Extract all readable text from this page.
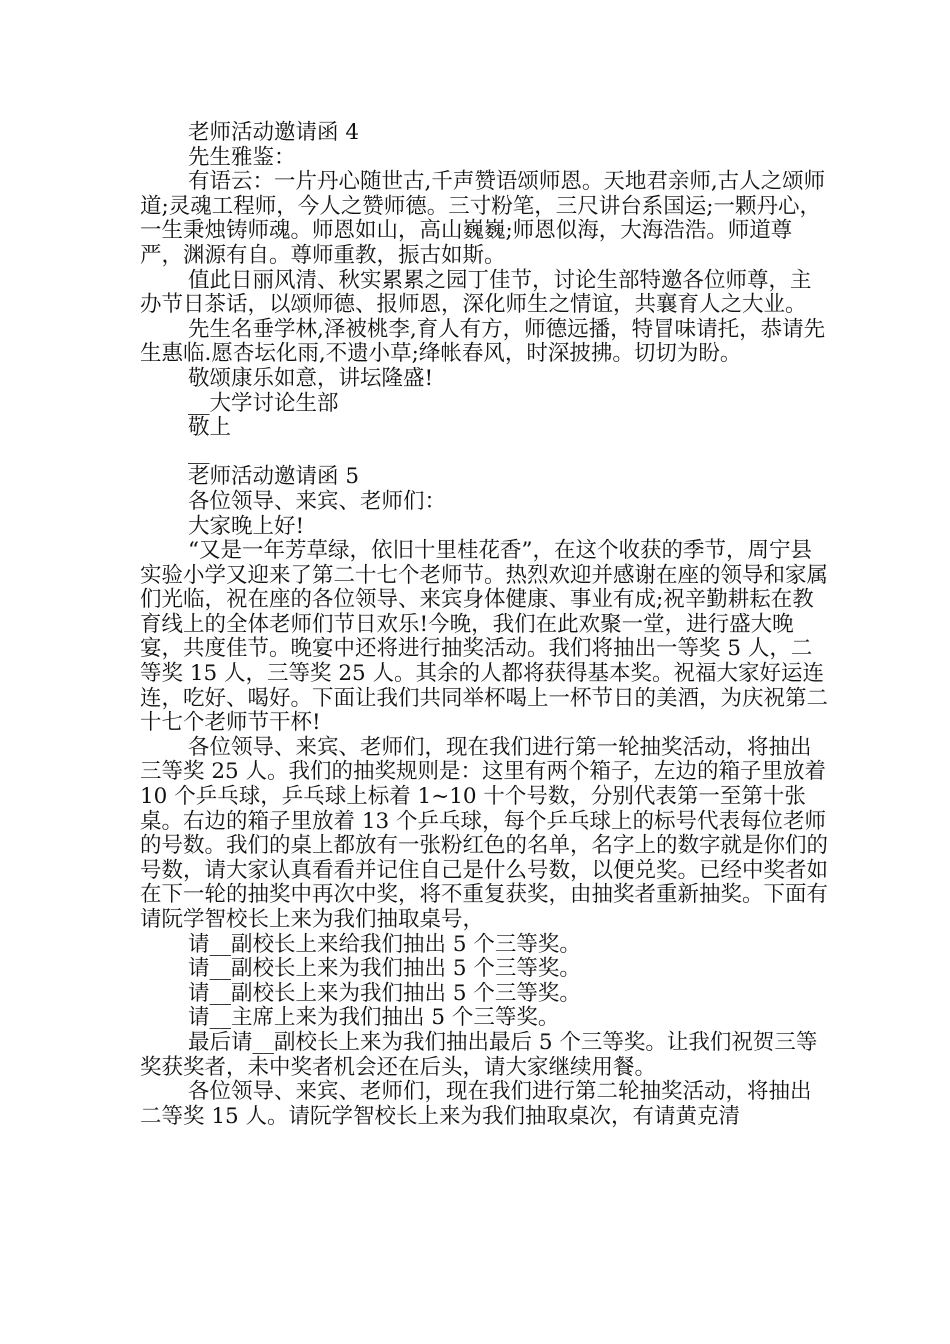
老师活动邀请函 4

先生雅鉴：

有语云：一片丹心随世古,千声赞语颂师恩。天地君亲师,古人之颂师道;灵魂工程师，今人之赞师德。三寸粉笔，三尺讲台系国运;一颗丹心，一生秉烛铸师魂。师恩如山，高山巍巍;师恩似海，大海浩浩。师道尊严，渊源有自。尊师重教，振古如斯。

值此日丽风清、秋实累累之园丁佳节，讨论生部特邀各位师尊，主办节日茶话，以颂师德、报师恩，深化师生之情谊，共襄育人之大业。

先生名垂学林,泽被桃李,育人有方，师德远播，特冒味请托，恭请先生惠临.愿杏坛化雨,不遗小草;绛帐春风，时深披拂。切切为盼。

敬颂康乐如意，讲坛隆盛!

__大学讨论生部

敬上

__

老师活动邀请函 5

各位领导、来宾、老师们：

大家晚上好!

“又是一年芳草绿，依旧十里桂花香”，在这个收获的季节，周宁县实验小学又迎来了第二十七个老师节。热烈欢迎并感谢在座的领导和家属们光临，祝在座的各位领导、来宾身体健康、事业有成;祝辛勤耕耘在教育线上的全体老师们节日欢乐!今晚，我们在此欢聚一堂，进行盛大晚宴，共度佳节。晚宴中还将进行抽奖活动。我们将抽出一等奖 5 人，二等奖 15 人，三等奖 25 人。其余的人都将获得基本奖。祝福大家好运连连，吃好、喝好。下面让我们共同举杯喝上一杯节日的美酒，为庆祝第二十七个老师节干杯!

各位领导、来宾、老师们，现在我们进行第一轮抽奖活动，将抽出三等奖 25 人。我们的抽奖规则是：这里有两个箱子，左边的箱子里放着 10 个乒乓球，乒乓球上标着 1~10 十个号数，分别代表第一至第十张桌。右边的箱子里放着 13 个乒乓球，每个乒乓球上的标号代表每位老师的号数。我们的桌上都放有一张粉红色的名单，名字上的数字就是你们的号数，请大家认真看看并记住自己是什么号数，以便兑奖。已经中奖者如在下一轮的抽奖中再次中奖，将不重复获奖，由抽奖者重新抽奖。下面有请阮学智校长上来为我们抽取桌号，

请__副校长上来给我们抽出 5 个三等奖。

请__副校长上来为我们抽出 5 个三等奖。

请__副校长上来为我们抽出 5 个三等奖。

请__主席上来为我们抽出 5 个三等奖。

最后请__副校长上来为我们抽出最后 5 个三等奖。让我们祝贺三等奖获奖者，未中奖者机会还在后头，请大家继续用餐。

各位领导、来宾、老师们，现在我们进行第二轮抽奖活动，将抽出二等奖 15 人。请阮学智校长上来为我们抽取桌次，有请黄克清
